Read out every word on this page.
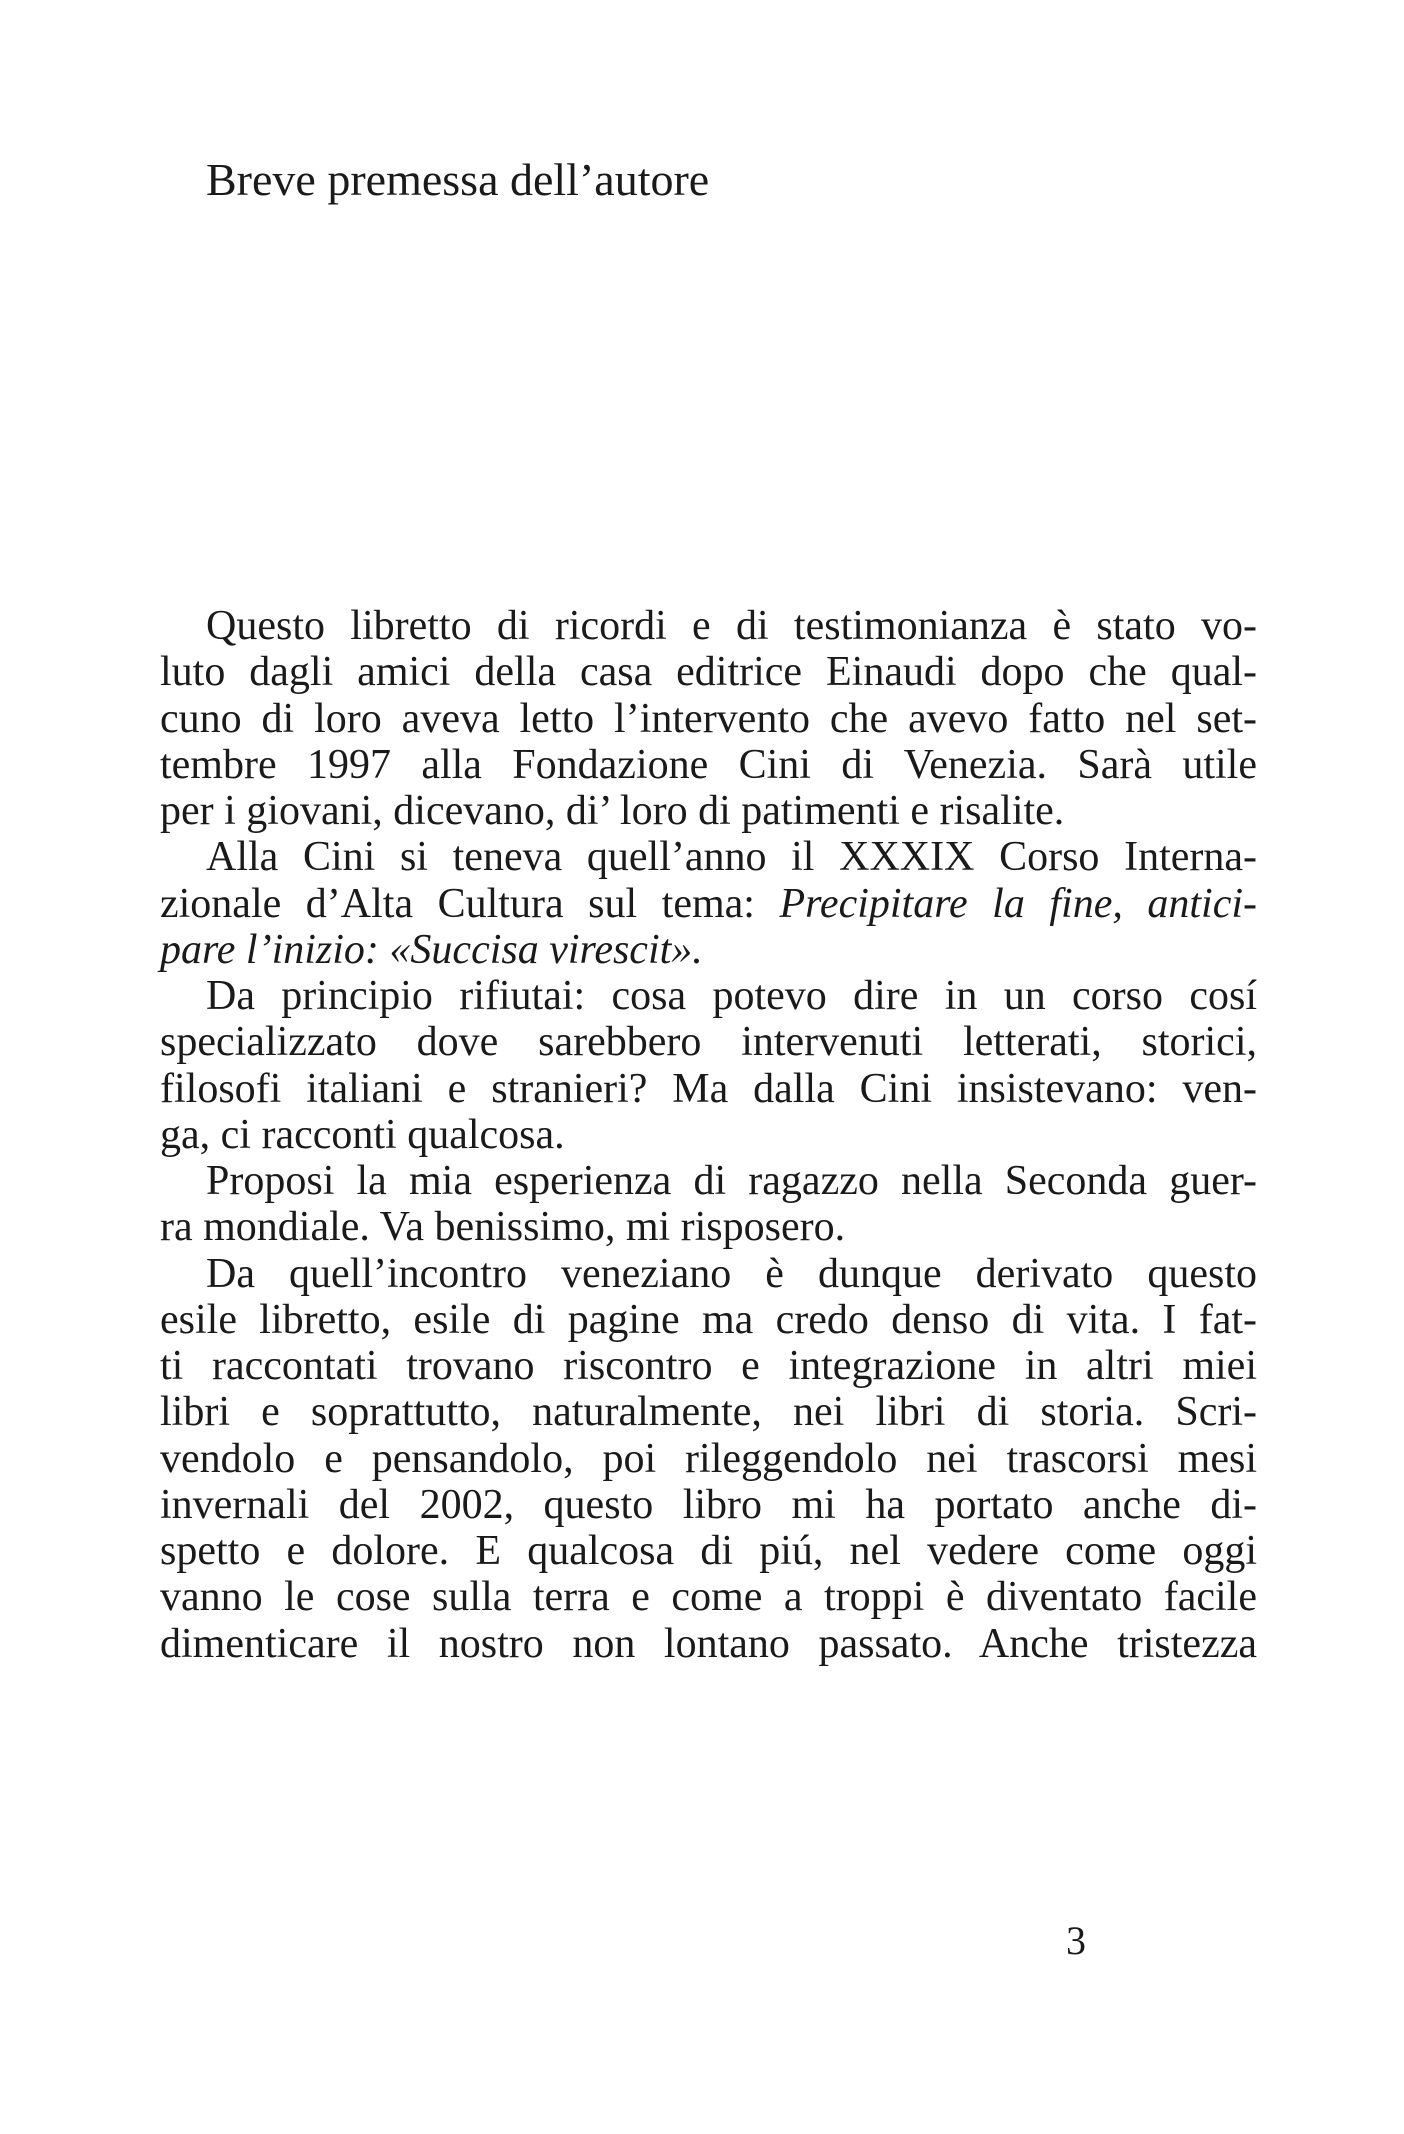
Breve premessa dell’autore
Questo libretto di ricordi e di testimonianza è stato vo-
luto dagli amici della casa editrice Einaudi dopo che qual-
cuno di loro aveva letto l’intervento che avevo fatto nel set-
tembre 1997 alla Fondazione Cini di Venezia. Sarà utile
per i giovani, dicevano, di’ loro di patimenti e risalite.
Alla Cini si teneva quell’anno il XXXIX Corso Interna-
zionale d’Alta Cultura sul tema: Precipitare la fine, antici-
pare l’inizio: «Succisa virescit».
Da principio rifiutai: cosa potevo dire in un corso cosí
specializzato dove sarebbero intervenuti letterati, storici,
filosofi italiani e stranieri? Ma dalla Cini insistevano: ven-
ga, ci racconti qualcosa.
Proposi la mia esperienza di ragazzo nella Seconda guer-
ra mondiale. Va benissimo, mi risposero.
Da quell’incontro veneziano è dunque derivato questo
esile libretto, esile di pagine ma credo denso di vita. I fat-
ti raccontati trovano riscontro e integrazione in altri miei
libri e soprattutto, naturalmente, nei libri di storia. Scri-
vendolo e pensandolo, poi rileggendolo nei trascorsi mesi
invernali del 2002, questo libro mi ha portato anche di-
spetto e dolore. E qualcosa di piú, nel vedere come oggi
vanno le cose sulla terra e come a troppi è diventato facile
dimenticare il nostro non lontano passato. Anche tristezza
3
